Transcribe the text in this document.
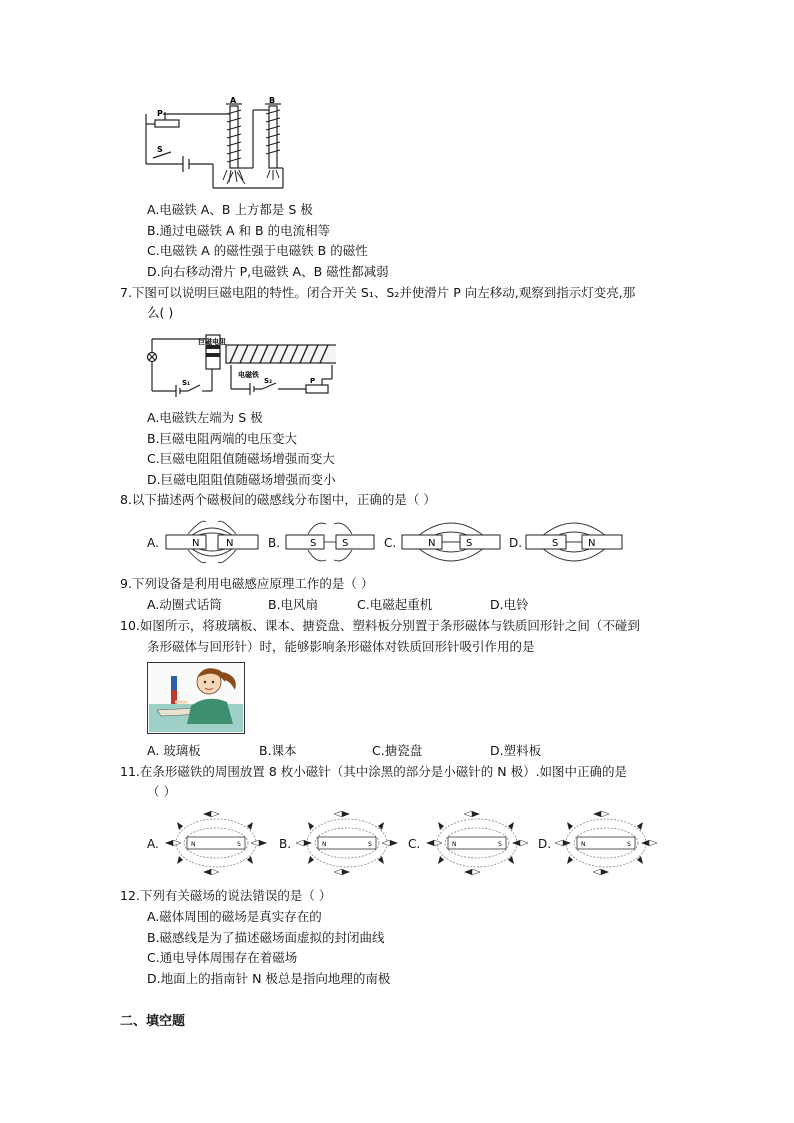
A	B
P
S
A.电磁铁 A、B 上方都是 S 极
B.通过电磁铁 A 和 B 的电流相等
C.电磁铁 A 的磁性强于电磁铁 B 的磁性
D.向右移动滑片 P,电磁铁 A、B 磁性都减弱
7.下图可以说明巨磁电阻的特性。闭合开关 S₁、S₂并使滑片 P 向左移动,观察到指示灯变亮,那
么( )
巨磁电阻
电磁铁
S₁	S₂	P
A.电磁铁左端为 S 极
B.巨磁电阻两端的电压变大
C.巨磁电阻阻值随磁场增强而变大
D.巨磁电阻阻值随磁场增强而变小
8.以下描述两个磁极间的磁感线分布图中，正确的是（ ）
A.	B.	C.	D.
N	N	S	S	N	S	S	N
9.下列设备是利用电磁感应原理工作的是（ ）
A.动圈式话筒	B.电风扇	C.电磁起重机	D.电铃
10.如图所示，将玻璃板、课本、搪瓷盘、塑料板分别置于条形磁体与铁质回形针之间（不碰到
条形磁体与回形针）时，能够影响条形磁体对铁质回形针吸引作用的是
A. 玻璃板	B.课本	C.搪瓷盘	D.塑料板
11.在条形磁铁的周围放置 8 枚小磁针（其中涂黑的部分是小磁针的 N 极）.如图中正确的是
（ ）
A.	B.	C.	D.
N	S	N	S	N	S	N	S
12.下列有关磁场的说法错误的是（ ）
A.磁体周围的磁场是真实存在的
B.磁感线是为了描述磁场面虚拟的封闭曲线
C.通电导体周围存在着磁场
D.地面上的指南针 N 极总是指向地理的南极
二、填空题
